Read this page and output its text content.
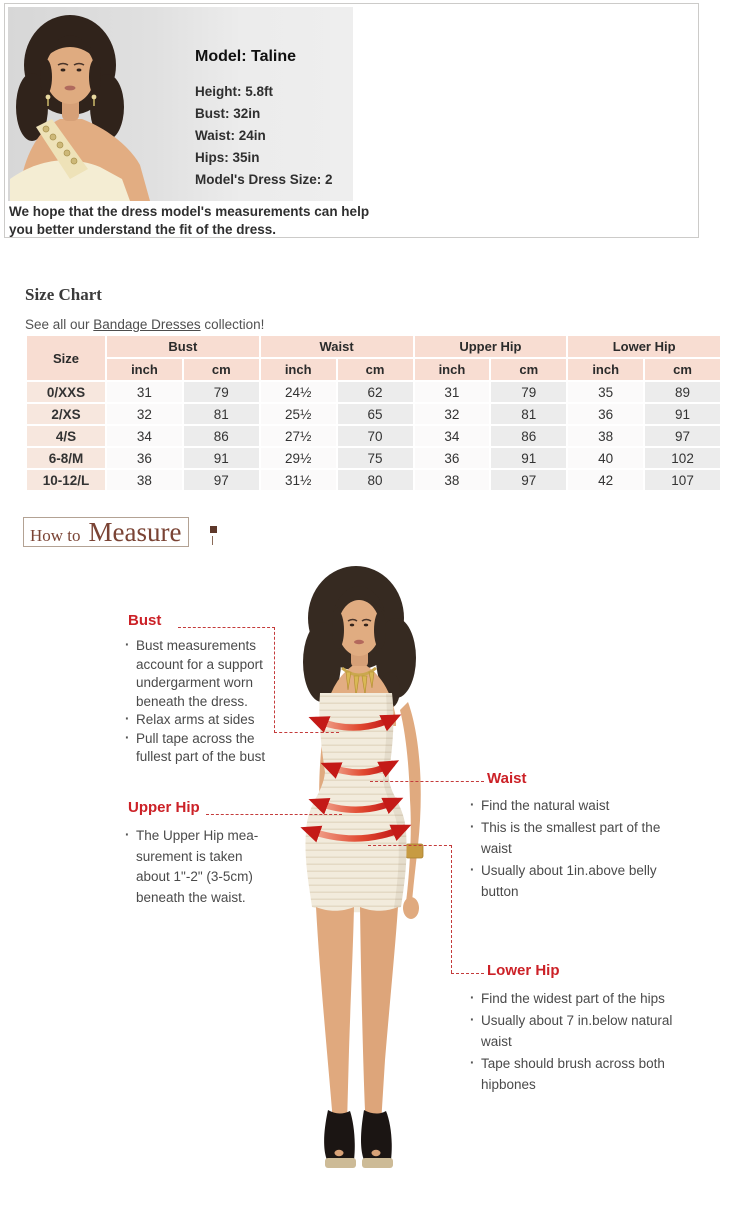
Model: Taline
Height: 5.8ft
Bust: 32in
Waist: 24in
Hips: 35in
Model's Dress Size: 2
We hope that the dress model's measurements can help you better understand the fit of the dress.
Size Chart
See all our Bandage Dresses collection!
Size	Bust		Waist		Upper Hip		Lower Hip	
	inch	cm	inch	cm	inch	cm	inch	cm
0/XXS	31	79	24½	62	31	79	35	89
2/XS	32	81	25½	65	32	81	36	91
4/S	34	86	27½	70	34	86	38	97
6-8/M	36	91	29½	75	36	91	40	102
10-12/L	38	97	31½	80	38	97	42	107
How to Measure
Bust
· Bust measurements account for a support undergarment worn beneath the dress.
· Relax arms at sides
· Pull tape across the fullest part of the bust
Upper Hip
· The Upper Hip mea- surement is taken about 1"-2" (3-5cm) beneath the waist.
Waist
· Find the natural waist
· This is the smallest part of the waist
· Usually about 1in.above belly button
Lower Hip
· Find the widest part of the hips
· Usually about 7 in.below natural waist
· Tape should brush across both hipbones
